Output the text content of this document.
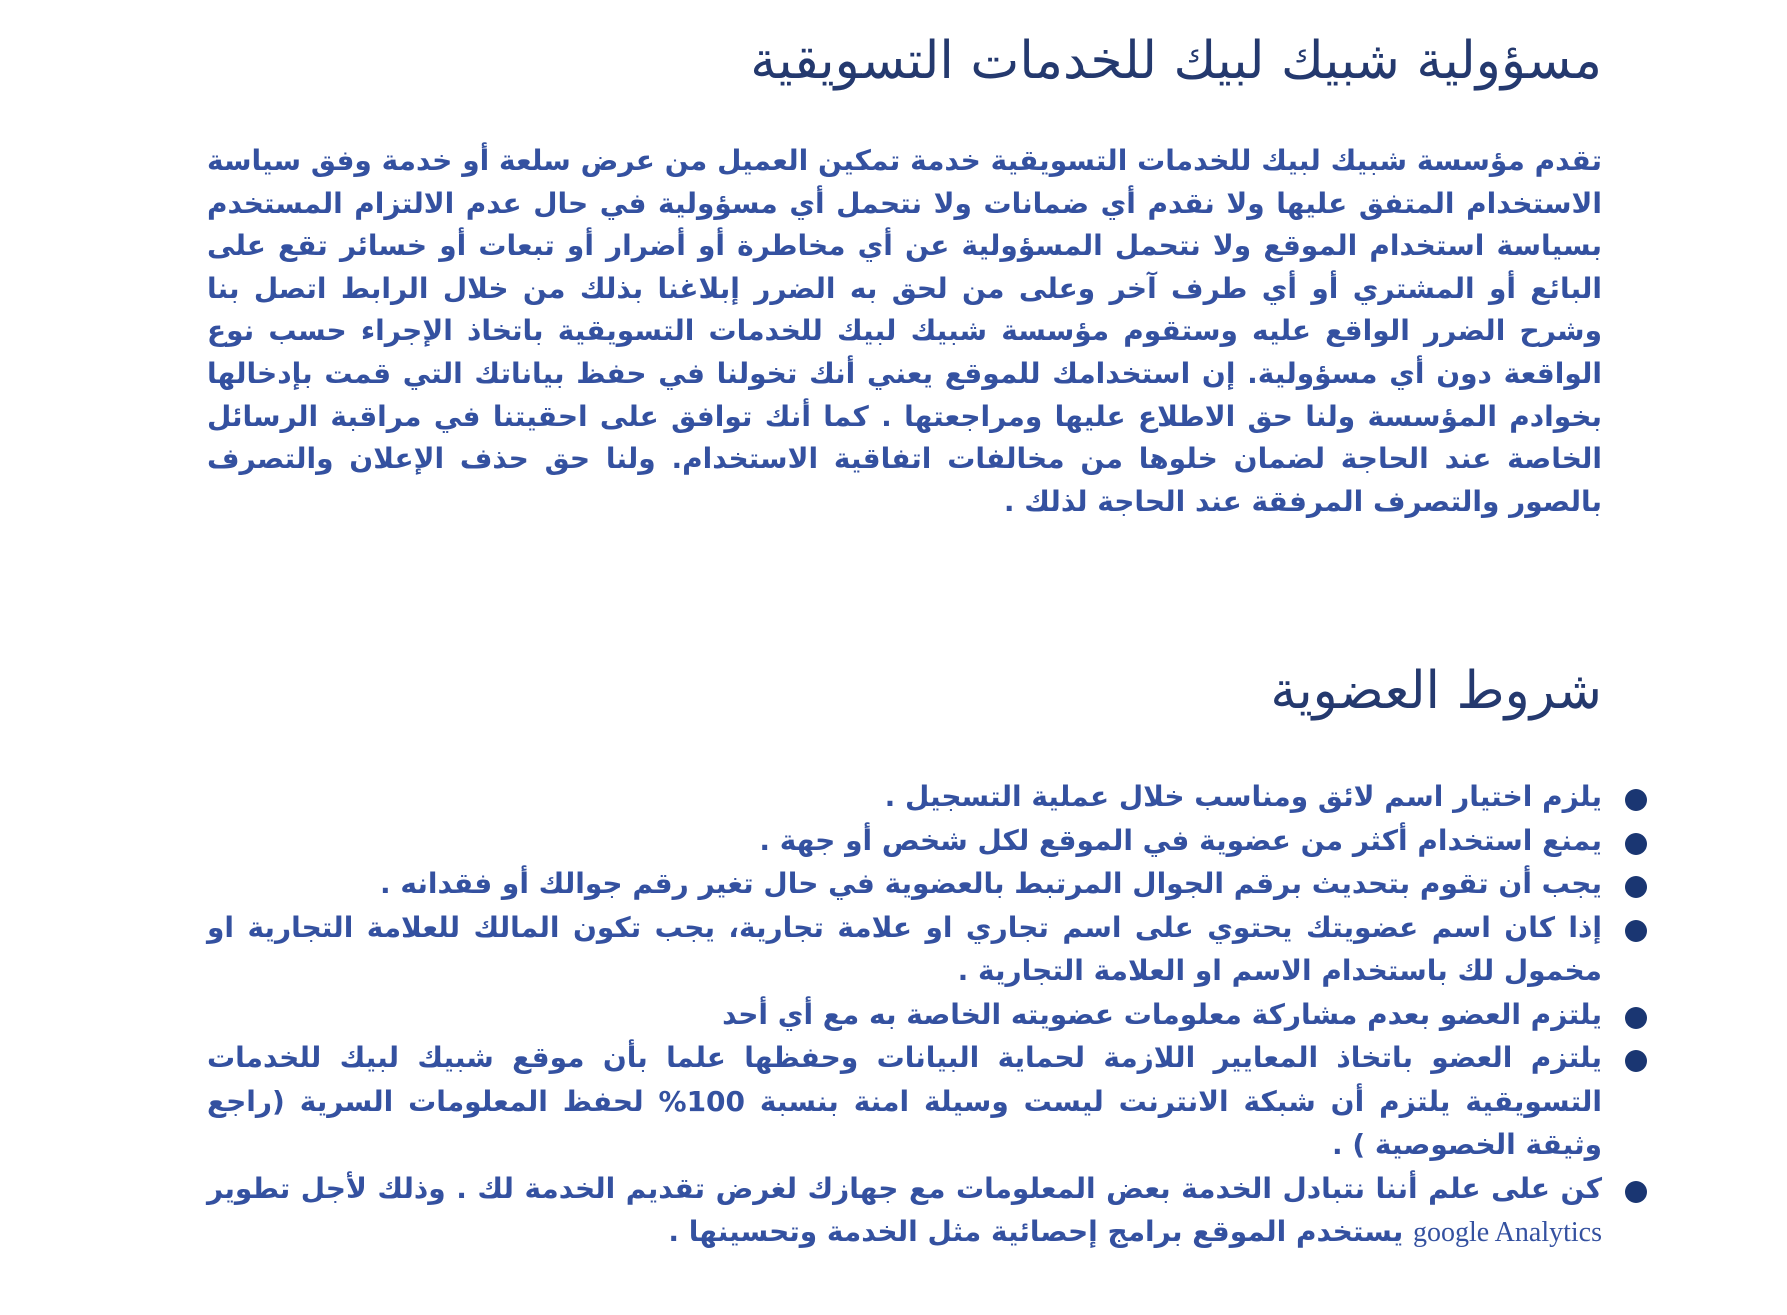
مسؤولية شبيك لبيك للخدمات التسويقية

تقدم مؤسسة شبيك لبيك للخدمات التسويقية خدمة تمكين العميل من عرض سلعة أو خدمة وفق سياسة الاستخدام المتفق عليها ولا نقدم أي ضمانات ولا نتحمل أي مسؤولية في حال عدم الالتزام المستخدم بسياسة استخدام الموقع ولا نتحمل المسؤولية عن أي مخاطرة أو أضرار أو تبعات أو خسائر تقع على البائع أو المشتري أو أي طرف آخر وعلى من لحق به الضرر إبلاغنا بذلك من خلال الرابط اتصل بنا وشرح الضرر الواقع عليه وستقوم مؤسسة شبيك لبيك للخدمات التسويقية باتخاذ الإجراء حسب نوع الواقعة دون أي مسؤولية. إن استخدامك للموقع يعني أنك تخولنا في حفظ بياناتك التي قمت بإدخالها بخوادم المؤسسة ولنا حق الاطلاع عليها ومراجعتها . كما أنك توافق على احقيتنا في مراقبة الرسائل الخاصة عند الحاجة لضمان خلوها من مخالفات اتفاقية الاستخدام. ولنا حق حذف الإعلان والتصرف بالصور والتصرف المرفقة عند الحاجة لذلك .

شروط العضوية
يلزم اختيار اسم لائق ومناسب خلال عملية التسجيل .
يمنع استخدام أكثر من عضوية في الموقع لكل شخص أو جهة .
يجب أن تقوم بتحديث برقم الجوال المرتبط بالعضوية في حال تغير رقم جوالك أو فقدانه .
إذا كان اسم عضويتك يحتوي على اسم تجاري او علامة تجارية، يجب تكون المالك للعلامة التجارية او مخمول لك باستخدام الاسم او العلامة التجارية .
يلتزم العضو بعدم مشاركة معلومات عضويته الخاصة به مع أي أحد
يلتزم العضو باتخاذ المعايير اللازمة لحماية البيانات وحفظها علما بأن موقع شبيك لبيك للخدمات التسويقية يلتزم أن شبكة الانترنت ليست وسيلة امنة بنسبة 100% لحفظ المعلومات السرية (راجع وثيقة الخصوصية ) .
كن على علم أننا نتبادل الخدمة بعض المعلومات مع جهازك لغرض تقديم الخدمة لك . وذلك لأجل تطوير google Analytics يستخدم الموقع برامج إحصائية مثل الخدمة وتحسينها .
